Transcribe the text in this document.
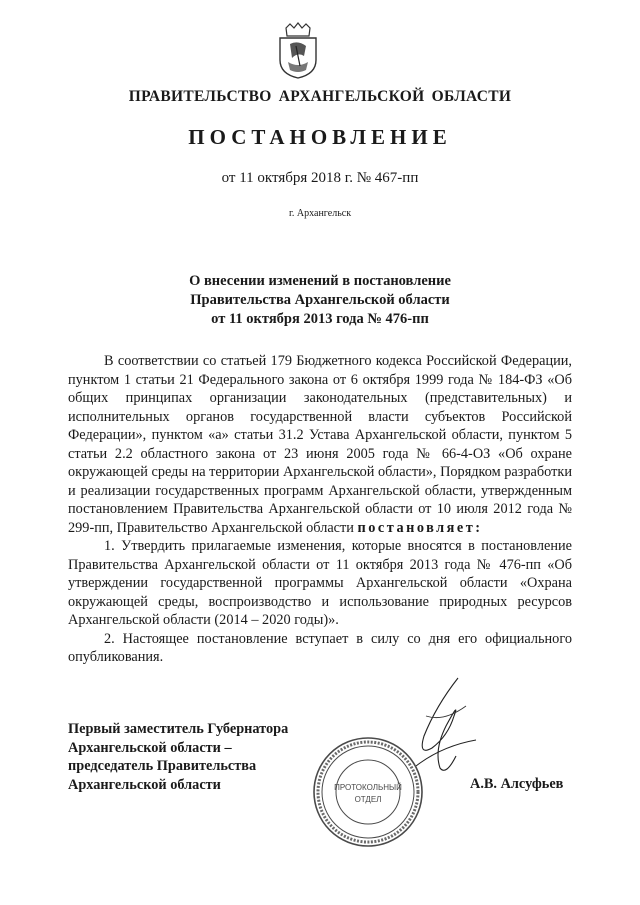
ПРАВИТЕЛЬСТВО АРХАНГЕЛЬСКОЙ ОБЛАСТИ
ПОСТАНОВЛЕНИЕ
от 11 октября 2018 г. № 467-пп
г. Архангельск
О внесении изменений в постановление
Правительства Архангельской области
от 11 октября 2013 года № 476-пп

В соответствии со статьей 179 Бюджетного кодекса Российской Федерации, пунктом 1 статьи 21 Федерального закона от 6 октября 1999 года № 184-ФЗ «Об общих принципах организации законодательных (представительных) и исполнительных органов государственной власти субъектов Российской Федерации», пунктом «а» статьи 31.2 Устава Архангельской области, пунктом 5 статьи 2.2 областного закона от 23 июня 2005 года № 66-4-ОЗ «Об охране окружающей среды на территории Архангельской области», Порядком разработки и реализации государственных программ Архангельской области, утвержденным постановлением Правительства Архангельской области от 10 июля 2012 года № 299-пп, Правительство Архангельской области постановляет:

1. Утвердить прилагаемые изменения, которые вносятся в постановление Правительства Архангельской области от 11 октября 2013 года № 476-пп «Об утверждении государственной программы Архангельской области «Охрана окружающей среды, воспроизводство и использование природных ресурсов Архангельской области (2014 – 2020 годы)».

2. Настоящее постановление вступает в силу со дня его официального опубликования.

ПРОТОКОЛЬНЫЙ
ОТДЕЛ
Первый заместитель Губернатора
Архангельской области –
председатель Правительства
Архангельской области	А.В. Алсуфьев
